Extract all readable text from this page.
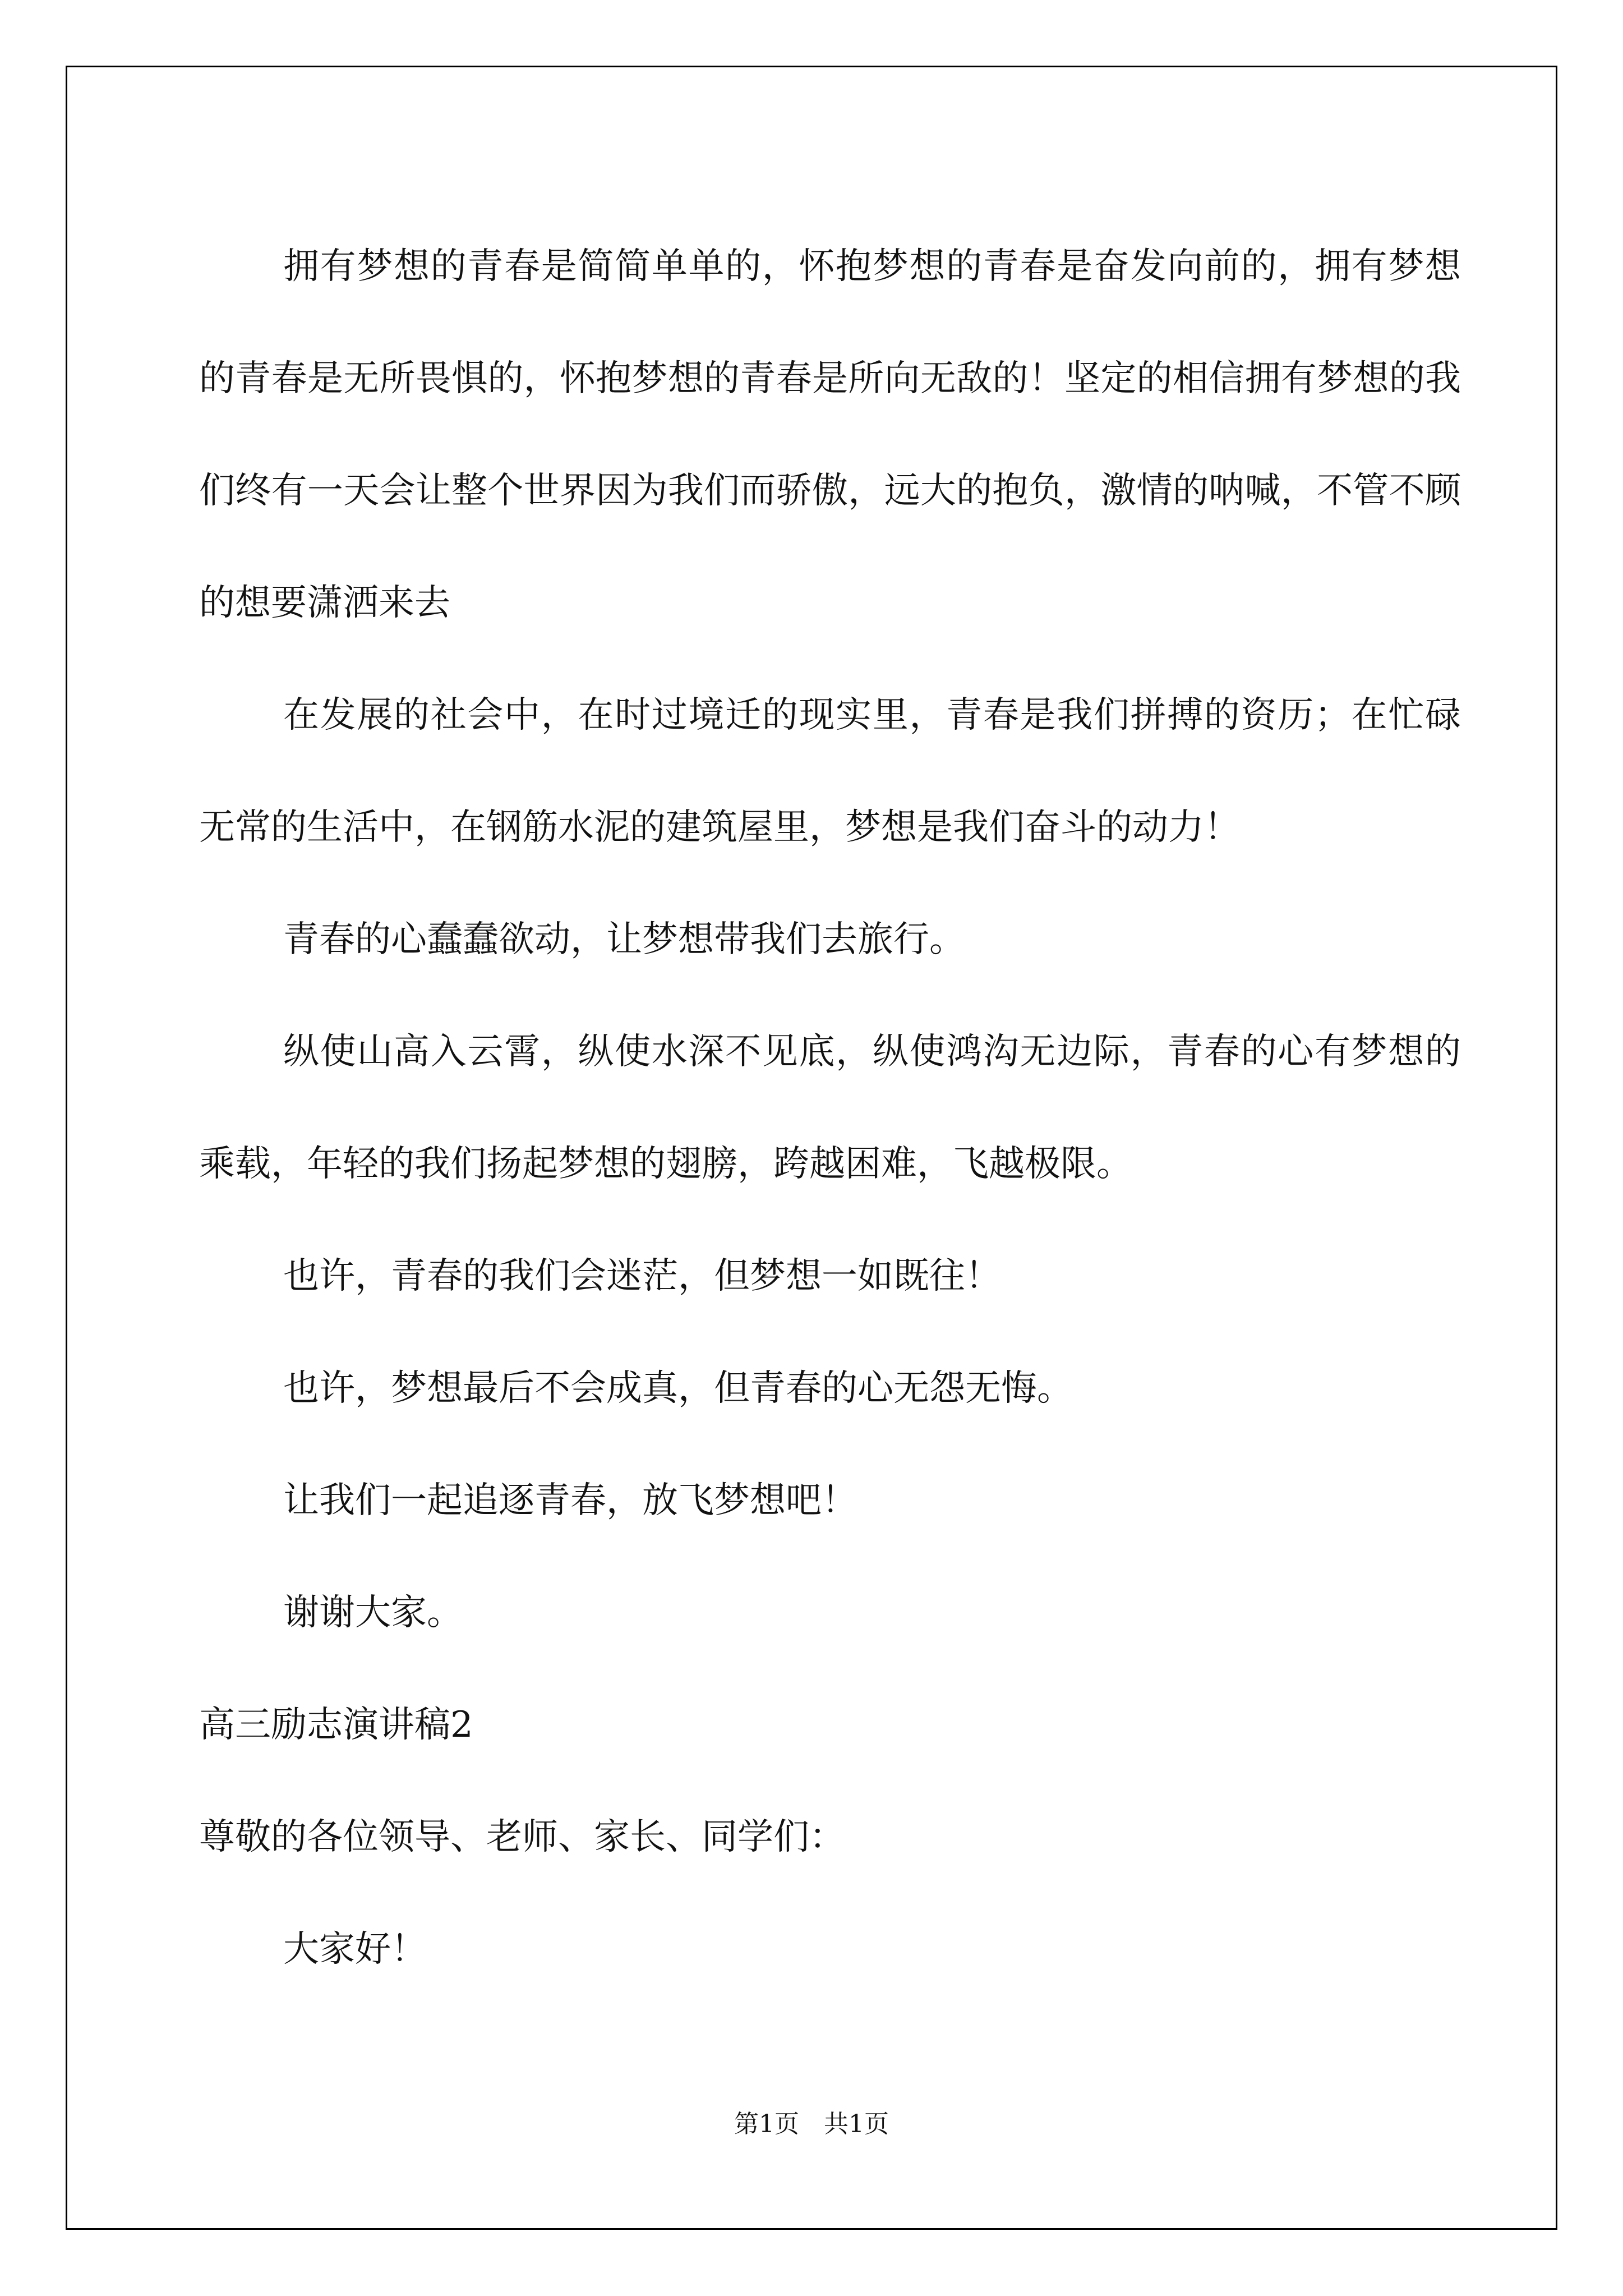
拥有梦想的青春是简简单单的，怀抱梦想的青春是奋发向前的，拥有梦想的青春是无所畏惧的，怀抱梦想的青春是所向无敌的！坚定的相信拥有梦想的我们终有一天会让整个世界因为我们而骄傲，远大的抱负，激情的呐喊，不管不顾的想要潇洒来去

在发展的社会中，在时过境迁的现实里，青春是我们拼搏的资历；在忙碌无常的生活中，在钢筋水泥的建筑屋里，梦想是我们奋斗的动力！

青春的心蠢蠢欲动，让梦想带我们去旅行。

纵使山高入云霄，纵使水深不见底，纵使鸿沟无边际，青春的心有梦想的乘载，年轻的我们扬起梦想的翅膀，跨越困难，飞越极限。

也许，青春的我们会迷茫，但梦想一如既往！

也许，梦想最后不会成真，但青春的心无怨无悔。

让我们一起追逐青春，放飞梦想吧！

谢谢大家。

高三励志演讲稿2

尊敬的各位领导、老师、家长、同学们：

大家好！

第1页　共1页
